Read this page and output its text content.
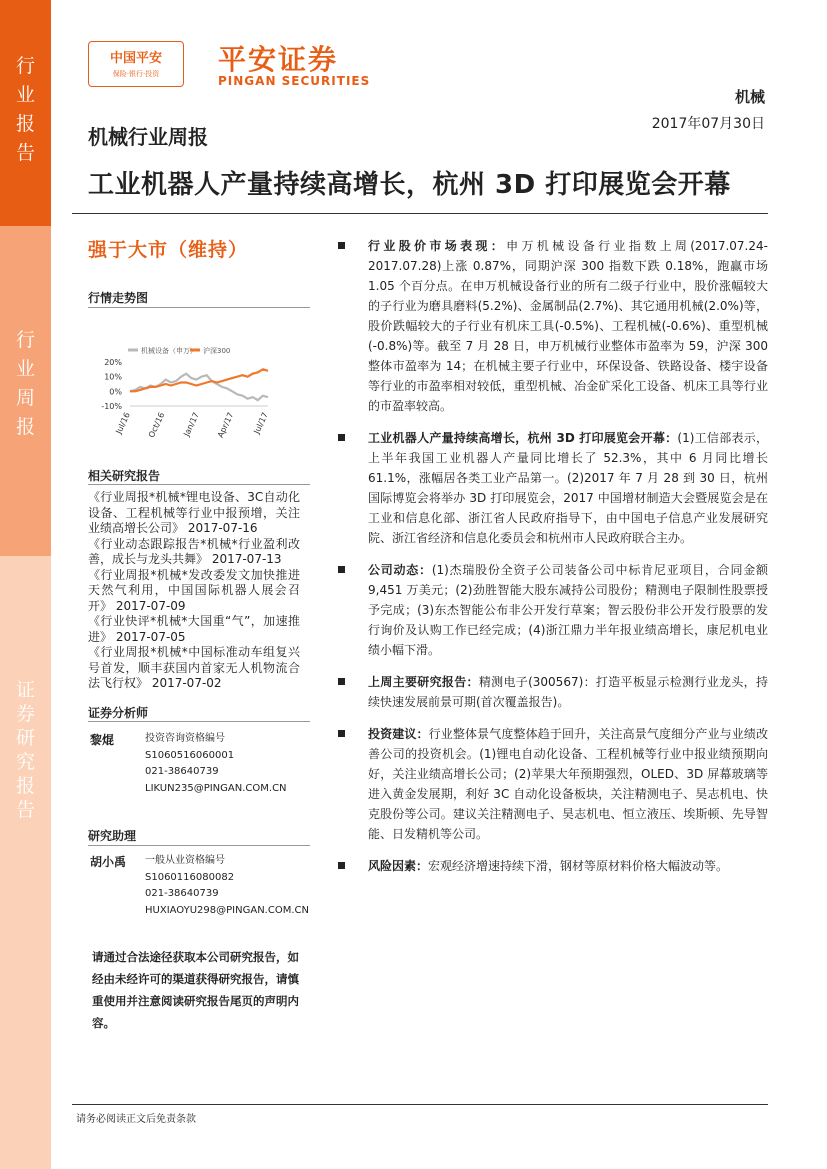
行
业
报
告
行
业
周
报
证
券
研
究
报
告
中国平安
保险·银行·投资	平安证券
PINGAN SECURITIES
机械
2017年07月30日
机械行业周报
工业机器人产量持续高增长，杭州 3D 打印展览会开幕
强于大市（维持）
行情走势图
机械设备（申万） 沪深300
20%
10%
0%
-10%
Jul/16 Oct/16 Jan/17 Apr/17 Jul/17
相关研究报告
《行业周报*机械*锂电设备、3C自动化设备、工程机械等行业中报预增，关注业绩高增长公司》 2017-07-16
《行业动态跟踪报告*机械*行业盈利改善，成长与龙头共舞》 2017-07-13
《行业周报*机械*发改委发文加快推进天然气利用，中国国际机器人展会召开》 2017-07-09
《行业快评*机械*大国重“气”，加速推进》 2017-07-05
《行业周报*机械*中国标准动车组复兴号首发，顺丰获国内首家无人机物流合法飞行权》 2017-07-02
证券分析师
黎焜	投资咨询资格编号
S1060516060001
021-38640739
LIKUN235@PINGAN.COM.CN
研究助理
胡小禹 一般从业资格编号
S1060116080082
021-38640739
HUXIAOYU298@PINGAN.COM.CN
请通过合法途径获取本公司研究报告，如经由未经许可的渠道获得研究报告，请慎重使用并注意阅读研究报告尾页的声明内容。
行业股价市场表现：申万机械设备行业指数上周(2017.07.24-2017.07.28)上涨 0.87%，同期沪深 300 指数下跌 0.18%，跑赢市场 1.05 个百分点。在申万机械设备行业的所有二级子行业中，股价涨幅较大的子行业为磨具磨料(5.2%)、金属制品(2.7%)、其它通用机械(2.0%)等，股价跌幅较大的子行业有机床工具(-0.5%)、工程机械(-0.6%)、重型机械(-0.8%)等。截至 7 月 28 日，申万机械行业整体市盈率为 59，沪深 300 整体市盈率为 14；在机械主要子行业中，环保设备、铁路设备、楼宇设备等行业的市盈率相对较低，重型机械、冶金矿采化工设备、机床工具等行业的市盈率较高。
工业机器人产量持续高增长，杭州 3D 打印展览会开幕：(1)工信部表示，上半年我国工业机器人产量同比增长了 52.3%，其中 6 月同比增长 61.1%，涨幅居各类工业产品第一。(2)2017 年 7 月 28 到 30 日，杭州国际博览会将举办 3D 打印展览会，2017 中国增材制造大会暨展览会是在工业和信息化部、浙江省人民政府指导下，由中国电子信息产业发展研究院、浙江省经济和信息化委员会和杭州市人民政府联合主办。
公司动态：(1)杰瑞股份全资子公司装备公司中标肯尼亚项目，合同金额 9,451 万美元；(2)劲胜智能大股东减持公司股份；精测电子限制性股票授予完成；(3)东杰智能公布非公开发行草案；智云股份非公开发行股票的发行询价及认购工作已经完成；(4)浙江鼎力半年报业绩高增长，康尼机电业绩小幅下滑。
上周主要研究报告：精测电子(300567)：打造平板显示检测行业龙头，持续快速发展前景可期(首次覆盖报告)。
投资建议：行业整体景气度整体趋于回升，关注高景气度细分产业与业绩改善公司的投资机会。(1)锂电自动化设备、工程机械等行业中报业绩预期向好，关注业绩高增长公司；(2)苹果大年预期强烈，OLED、3D 屏幕玻璃等进入黄金发展期，利好 3C 自动化设备板块，关注精测电子、昊志机电、快克股份等公司。建议关注精测电子、昊志机电、恒立液压、埃斯顿、先导智能、日发精机等公司。
风险因素：宏观经济增速持续下滑，钢材等原材料价格大幅波动等。
请务必阅读正文后免责条款
